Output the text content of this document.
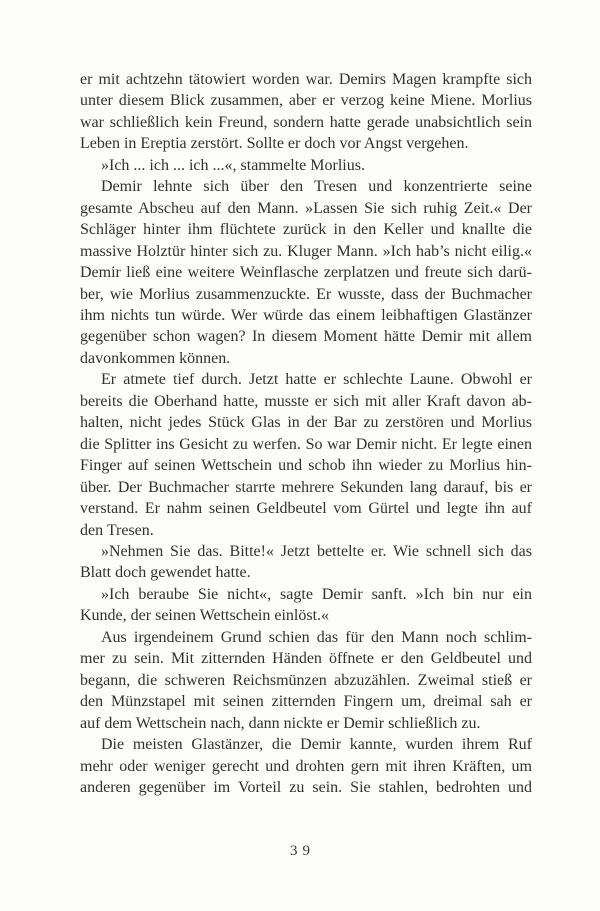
er mit achtzehn tätowiert worden war. Demirs Magen krampfte sich
unter diesem Blick zusammen, aber er verzog keine Miene. Morlius
war schließlich kein Freund, sondern hatte gerade unabsichtlich sein
Leben in Ereptia zerstört. Sollte er doch vor Angst vergehen.

»Ich ... ich ... ich ...«, stammelte Morlius.

Demir lehnte sich über den Tresen und konzentrierte seine
gesamte Abscheu auf den Mann. »Lassen Sie sich ruhig Zeit.« Der
Schläger hinter ihm flüchtete zurück in den Keller und knallte die
massive Holztür hinter sich zu. Kluger Mann. »Ich hab’s nicht eilig.«
Demir ließ eine weitere Weinflasche zerplatzen und freute sich darü-
ber, wie Morlius zusammenzuckte. Er wusste, dass der Buchmacher
ihm nichts tun würde. Wer würde das einem leibhaftigen Glastänzer
gegenüber schon wagen? In diesem Moment hätte Demir mit allem
davonkommen können.

Er atmete tief durch. Jetzt hatte er schlechte Laune. Obwohl er
bereits die Oberhand hatte, musste er sich mit aller Kraft davon ab-
halten, nicht jedes Stück Glas in der Bar zu zerstören und Morlius
die Splitter ins Gesicht zu werfen. So war Demir nicht. Er legte einen
Finger auf seinen Wettschein und schob ihn wieder zu Morlius hin-
über. Der Buchmacher starrte mehrere Sekunden lang darauf, bis er
verstand. Er nahm seinen Geldbeutel vom Gürtel und legte ihn auf
den Tresen.

»Nehmen Sie das. Bitte!« Jetzt bettelte er. Wie schnell sich das
Blatt doch gewendet hatte.

»Ich beraube Sie nicht«, sagte Demir sanft. »Ich bin nur ein
Kunde, der seinen Wettschein einlöst.«

Aus irgendeinem Grund schien das für den Mann noch schlim-
mer zu sein. Mit zitternden Händen öffnete er den Geldbeutel und
begann, die schweren Reichsmünzen abzuzählen. Zweimal stieß er
den Münzstapel mit seinen zitternden Fingern um, dreimal sah er
auf dem Wettschein nach, dann nickte er Demir schließlich zu.

Die meisten Glastänzer, die Demir kannte, wurden ihrem Ruf
mehr oder weniger gerecht und drohten gern mit ihren Kräften, um
anderen gegenüber im Vorteil zu sein. Sie stahlen, bedrohten und

39
